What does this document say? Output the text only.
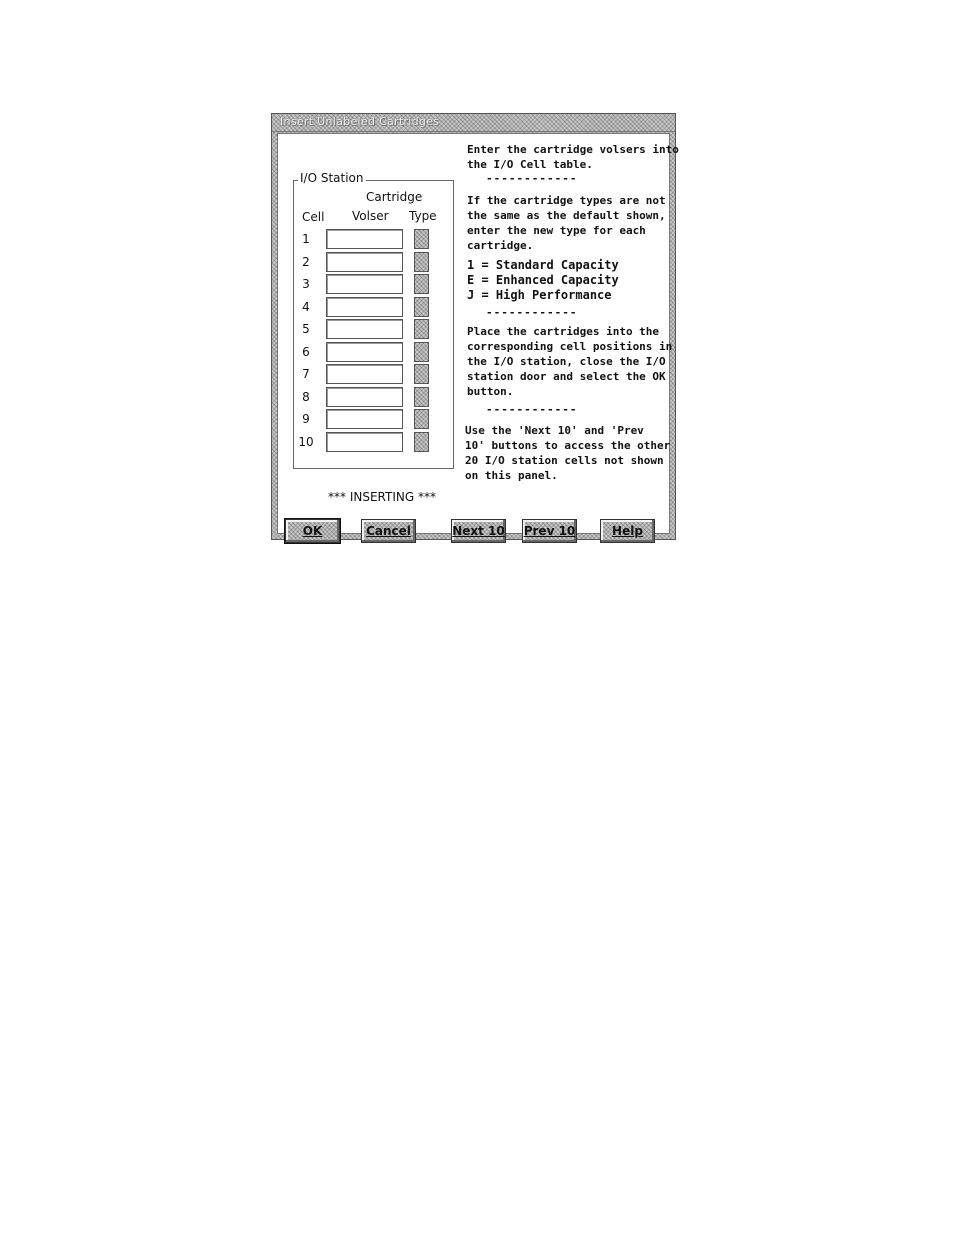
Insert Unlabeled Cartridges
I/O Station
Cartridge
Cell Volser Type
1
2
3
4
5
6
7
8
9
10
*** INSERTING ***
Enter the cartridge volsers into
the I/O Cell table.
------------
If the cartridge types are not
the same as the default shown,
enter the new type for each
cartridge.
1 = Standard Capacity
E = Enhanced Capacity
J = High Performance
------------
Place the cartridges into the
corresponding cell positions in
the I/O station, close the I/O
station door and select the OK
button.
------------
Use the 'Next 10' and 'Prev
10' buttons to access the other
20 I/O station cells not shown
on this panel.
OK	Cancel	Next 10 Prev 10	Help
